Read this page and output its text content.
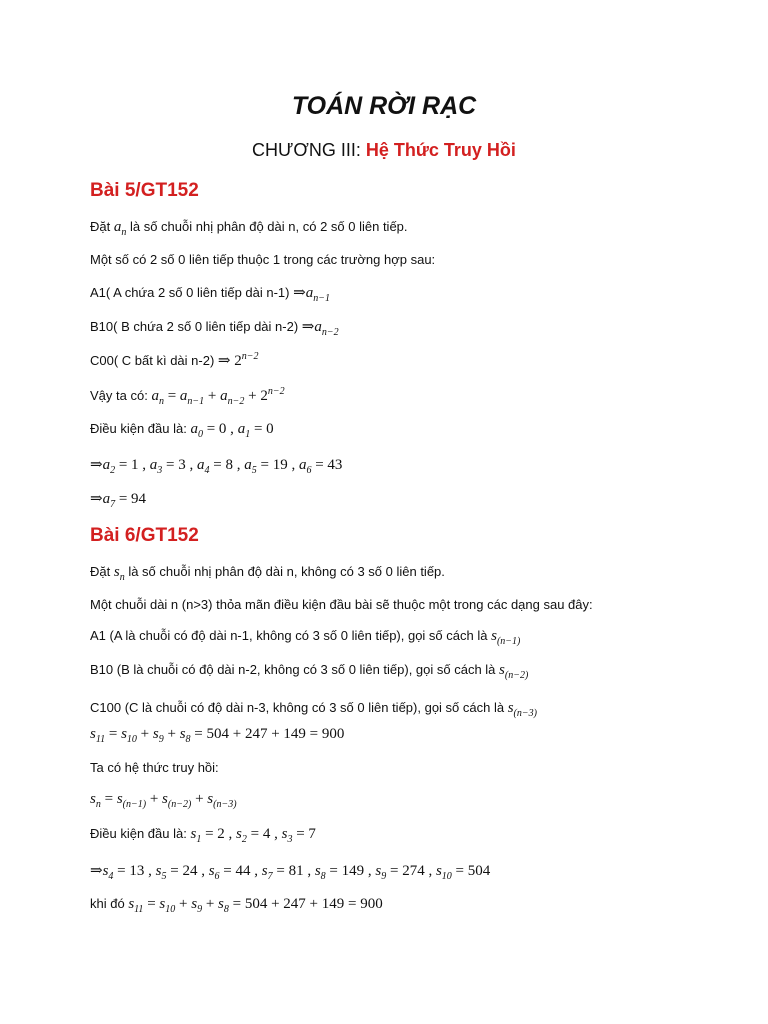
TOÁN RỜI RẠC

CHƯƠNG III: Hệ Thức Truy Hồi

Bài 5/GT152

Đặt $a_n$ là số chuỗi nhị phân độ dài n, có 2 số 0 liên tiếp.

Một số có 2 số 0 liên tiếp thuộc 1 trong các trường hợp sau:

A1( A chứa 2 số 0 liên tiếp dài n-1) $\Rightarrow a_{n-1}$

B10( B chứa 2 số 0 liên tiếp dài n-2) $\Rightarrow a_{n-2}$

C00( C bất kì dài n-2) ⇒ $2^{n-2}$

Vậy ta có: $a_n = a_{n-1} + a_{n-2} + 2^{n-2}$

Điều kiện đầu là: $a_0 = 0$ , $a_1 = 0$

$\Rightarrow a_2 = 1$ , $a_3 = 3$ , $a_4 = 8$ , $a_5 = 19$ , $a_6 = 43$

$\Rightarrow a_7 = 94$

Bài 6/GT152

Đặt $s_n$ là số chuỗi nhị phân độ dài n, không có 3 số 0 liên tiếp.

Một chuỗi dài n (n>3) thỏa mãn điều kiện đầu bài sẽ thuộc một trong các dạng sau đây:

A1 (A là chuỗi có độ dài n-1, không có 3 số 0 liên tiếp), gọi số cách là $s_{(n-1)}$

B10 (B là chuỗi có độ dài n-2, không có 3 số 0 liên tiếp), gọi số cách là $s_{(n-2)}$

C100 (C là chuỗi có độ dài n-3, không có 3 số 0 liên tiếp), gọi số cách là $s_{(n-3)}$

$s_{11} = s_{10} + s_9 + s_8 = 504 + 247 + 149 = 900$

Ta có hệ thức truy hồi:

$s_n = s_{(n-1)} + s_{(n-2)} + s_{(n-3)}$

Điều kiện đầu là: $s_1 = 2$ , $s_2 = 4$ , $s_3 = 7$

$\Rightarrow s_4 = 13$ , $s_5 = 24$ , $s_6 = 44$ , $s_7 = 81$ , $s_8 = 149$ , $s_9 = 274$ , $s_{10} = 504$

khi đó $s_{11} = s_{10} + s_9 + s_8 = 504 + 247 + 149 = 900$
